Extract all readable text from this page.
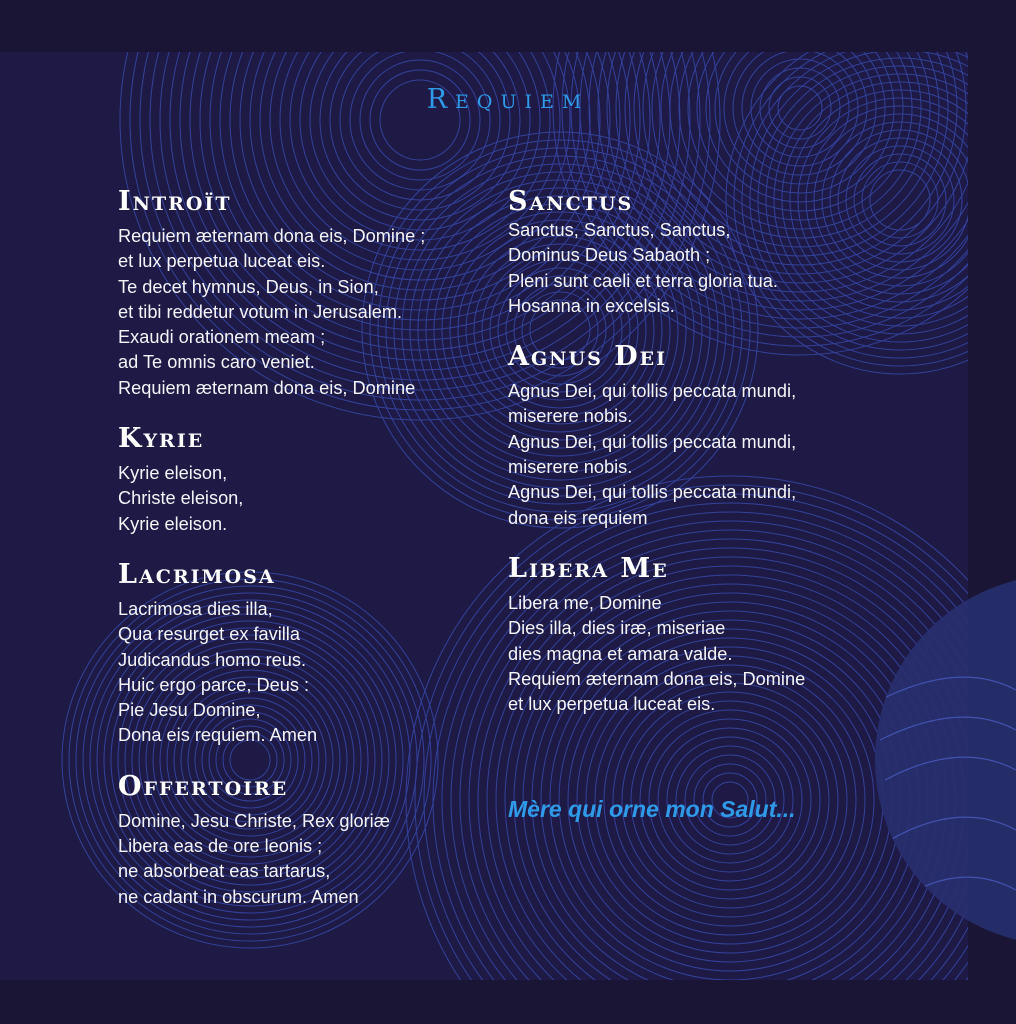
Requiem
Introït
Requiem æternam dona eis, Domine ;
et lux perpetua luceat eis.
Te decet hymnus, Deus, in Sion,
et tibi reddetur votum in Jerusalem.
Exaudi orationem meam ;
ad Te omnis caro veniet.
Requiem æternam dona eis, Domine
Kyrie
Kyrie eleison,
Christe eleison,
Kyrie eleison.
Lacrimosa
Lacrimosa dies illa,
Qua resurget ex favilla
Judicandus homo reus.
Huic ergo parce, Deus :
Pie Jesu Domine,
Dona eis requiem. Amen
Offertoire
Domine, Jesu Christe, Rex gloriæ
Libera eas de ore leonis ;
ne absorbeat eas tartarus,
ne cadant in obscurum. Amen
Sanctus
Sanctus, Sanctus, Sanctus,
Dominus Deus Sabaoth ;
Pleni sunt caeli et terra gloria tua.
Hosanna in excelsis.
Agnus Dei
Agnus Dei, qui tollis peccata mundi,
miserere nobis.
Agnus Dei, qui tollis peccata mundi,
miserere nobis.
Agnus Dei, qui tollis peccata mundi,
dona eis requiem
Libera Me
Libera me, Domine
Dies illa, dies iræ, miseriae
dies magna et amara valde.
Requiem æternam dona eis, Domine
et lux perpetua luceat eis.
Mère qui orne mon Salut...
